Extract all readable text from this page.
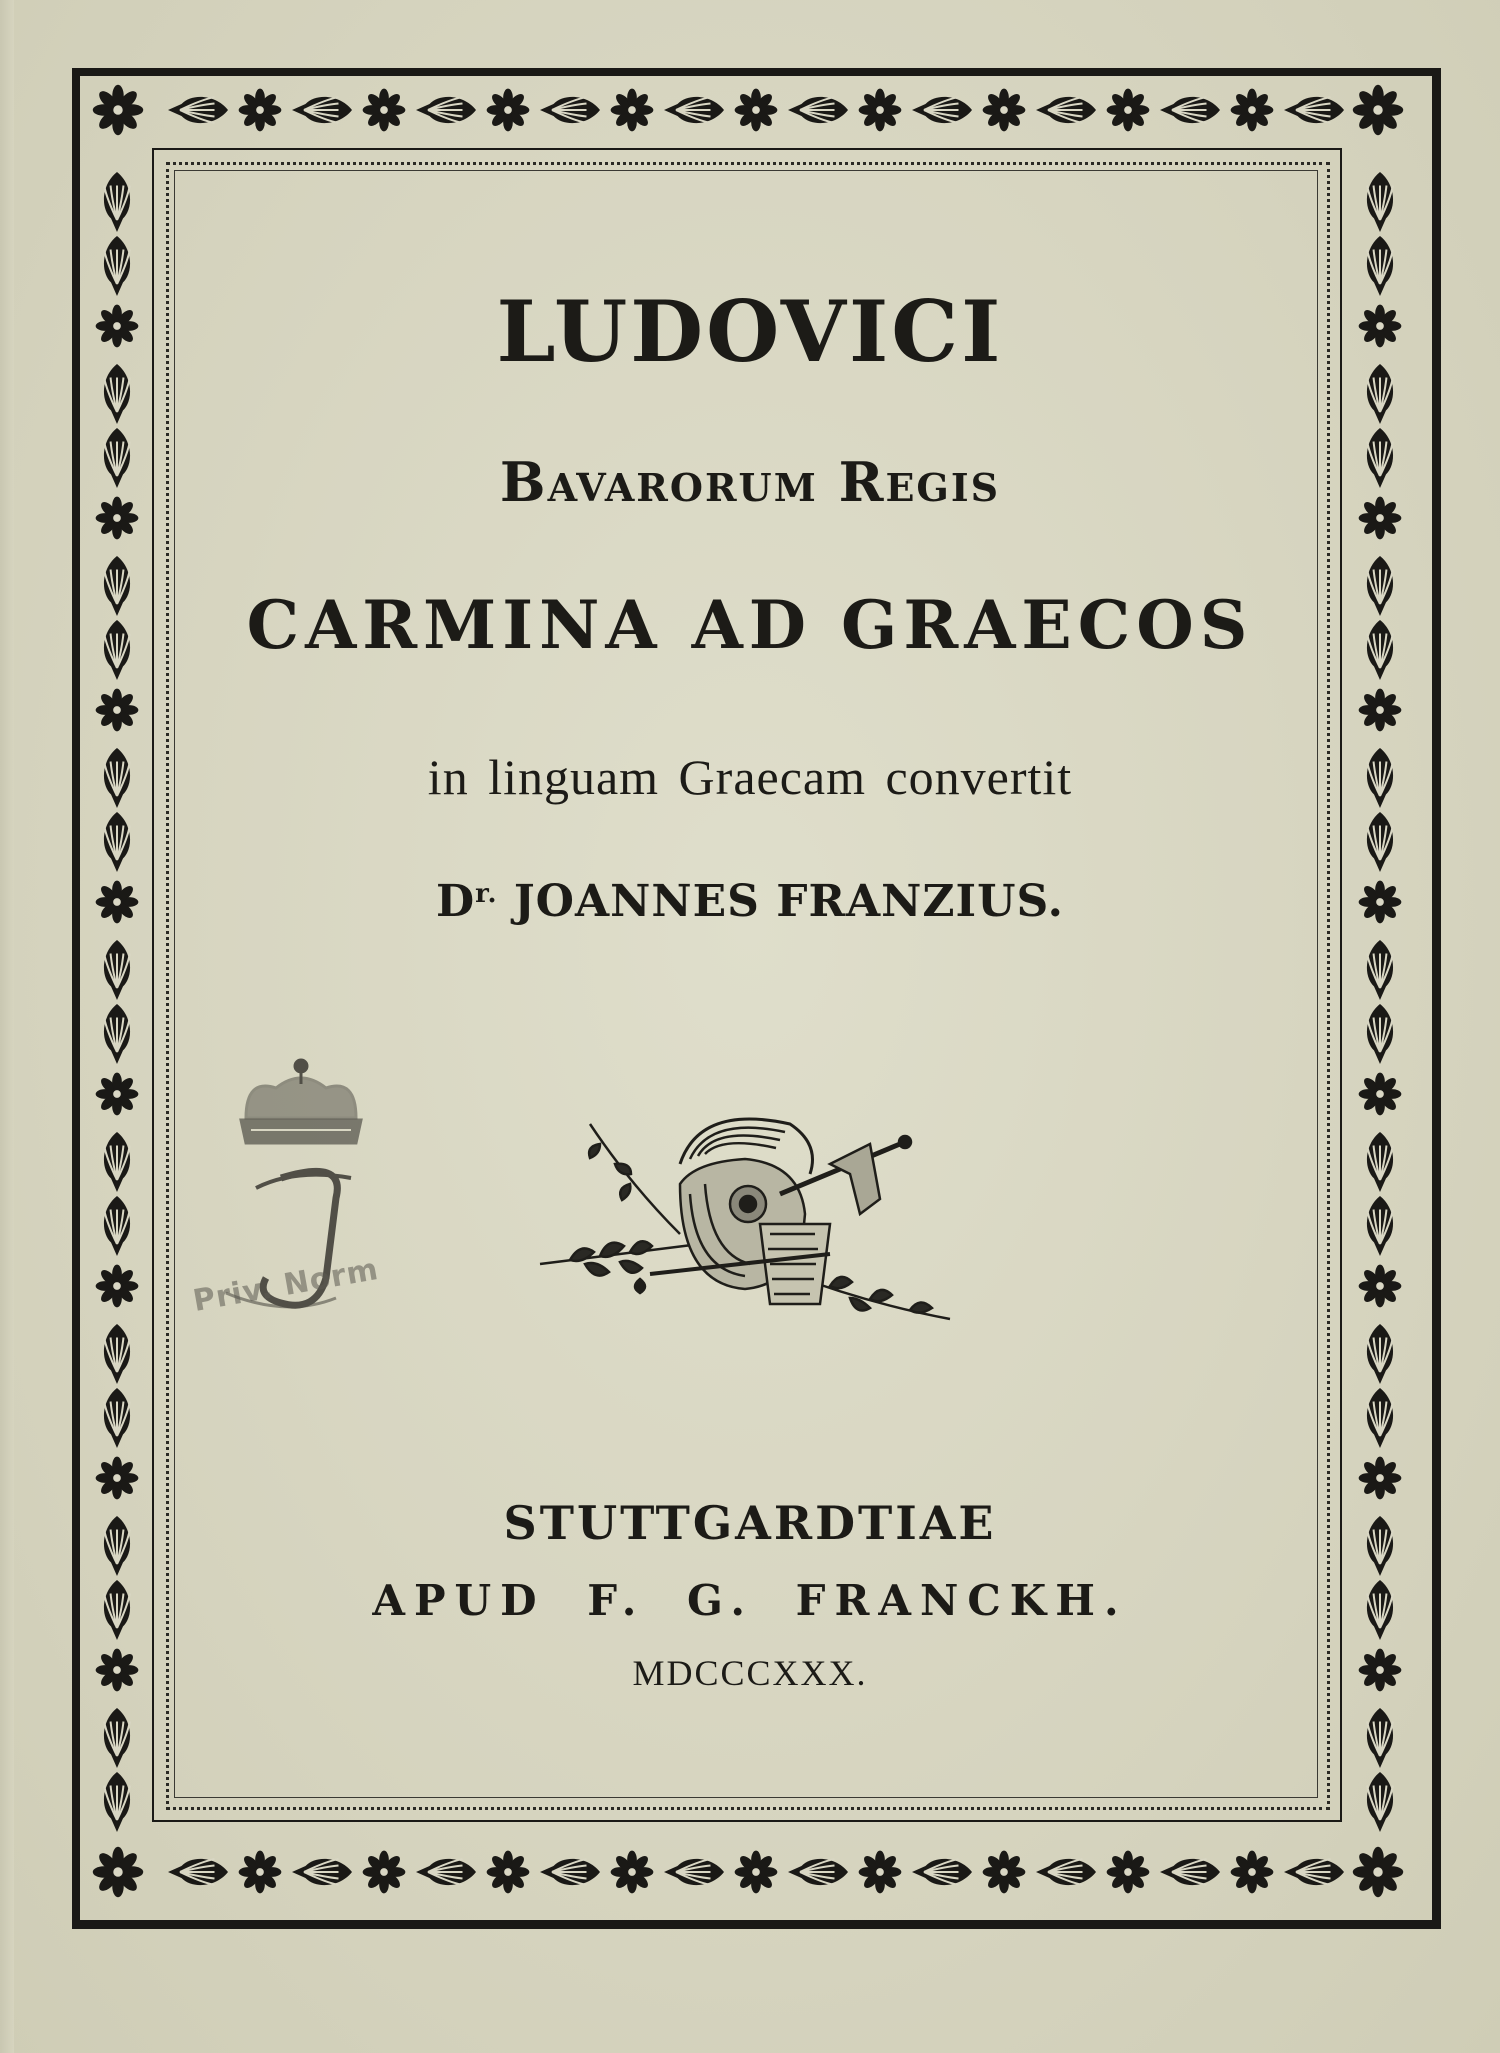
LUDOVICI
Bavarorum Regis
CARMINA AD GRAECOS
in linguam Graecam convertit
$D^{r.}$ JOANNES FRANZIUS.
Priv. Norm
STUTTGARDTIAE
APUD F. G. FRANCKH.
MDCCCXXX.
